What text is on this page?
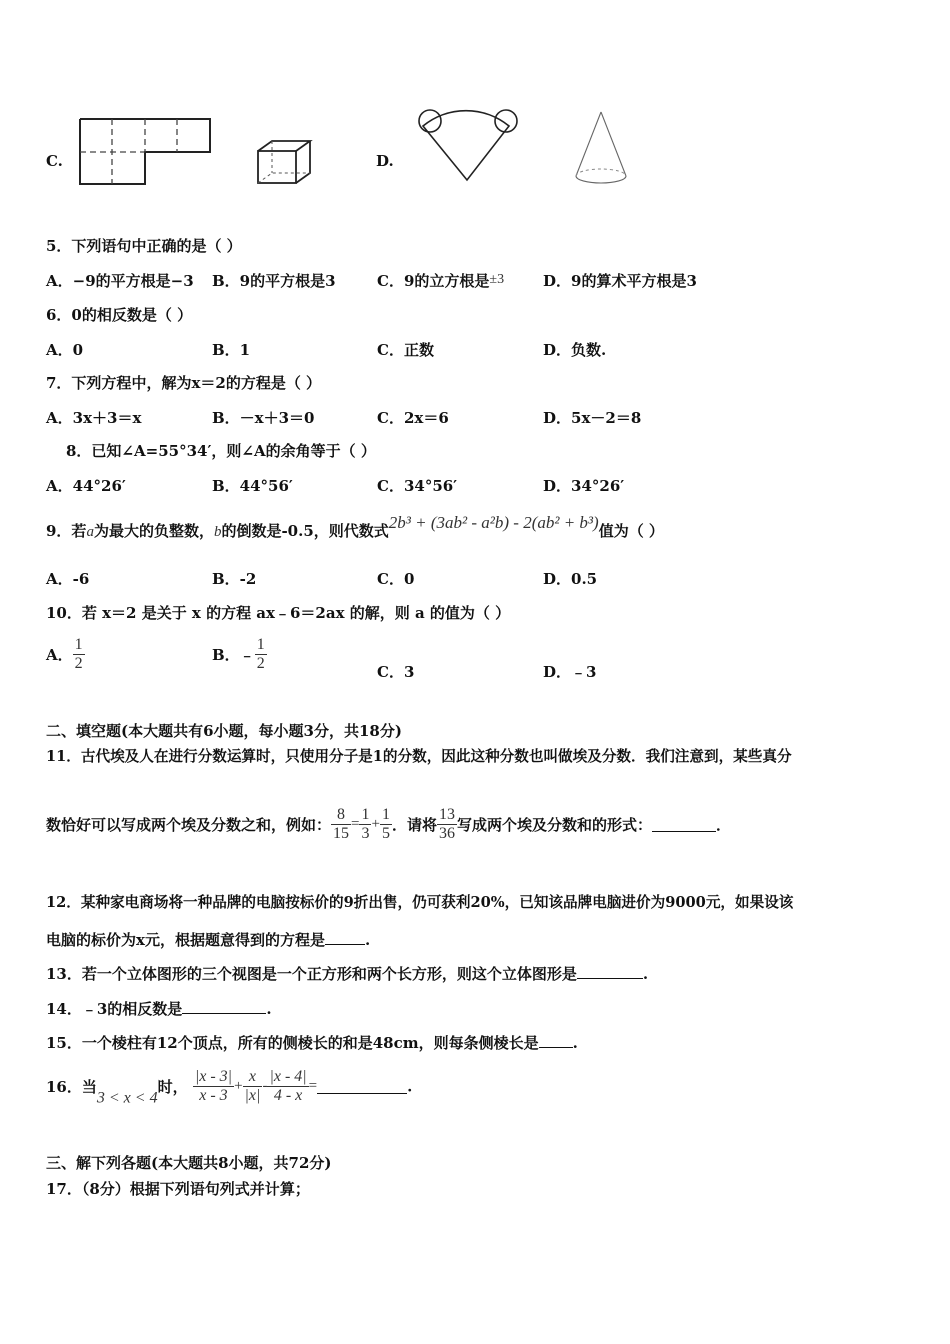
C.	D.
5．下列语句中正确的是（ ）
A．−9的平方根是−3 B．9的平方根是3	C．9的立方根是±3	D．9的算术平方根是3
6．0的相反数是（ ）
A．0	B．1	C．正数	D．负数.
7．下列方程中，解为x＝2的方程是（ ）
A．3x＋3＝x	B．－x＋3＝0	C．2x＝6	D．5x－2＝8
8．已知∠A=55°34′，则∠A的余角等于（ ）
A．44°26′	B．44°56′	C．34°56′	D．34°26′
9．若a为最大的负整数，b的倒数是-0.5，则代数式2b³ + (3ab² - a²b) - 2(ab² + b³)值为（ ）
A．-6	B．-2	C．0	D．0.5
10．若 x＝2 是关于 x 的方程 ax﹣6＝2ax 的解，则 a 的值为（ ）
A． $\frac{1}{2}$	B．﹣ $\frac{1}{2}$	C．3	D．﹣3
二、填空题(本大题共有6小题，每小题3分，共18分)
11．古代埃及人在进行分数运算时，只使用分子是1的分数，因此这种分数也叫做埃及分数．我们注意到，某些真分
数恰好可以写成两个埃及分数之和，例如： $\frac{8}{15} = \frac{1}{3} + \frac{1}{5}$ ．请将 $\frac{13}{36}$ 写成两个埃及分数和的形式：	．
12．某种家电商场将一种品牌的电脑按标价的9折出售，仍可获利20%，已知该品牌电脑进价为9000元，如果设该
电脑的标价为x元，根据题意得到的方程是	.
13．若一个立体图形的三个视图是一个正方形和两个长方形，则这个立体图形是	.
14．﹣3的相反数是	.
15．一个棱柱有12个顶点，所有的侧棱长的和是48cm，则每条侧棱长是 .
16．当3 < x < 4时， $\frac{|x - 3|}{x - 3} + \frac{x}{|x|} - \frac{|x - 4|}{4 - x}$ =	.
三、解下列各题(本大题共8小题，共72分)
17．（8分）根据下列语句列式并计算；
